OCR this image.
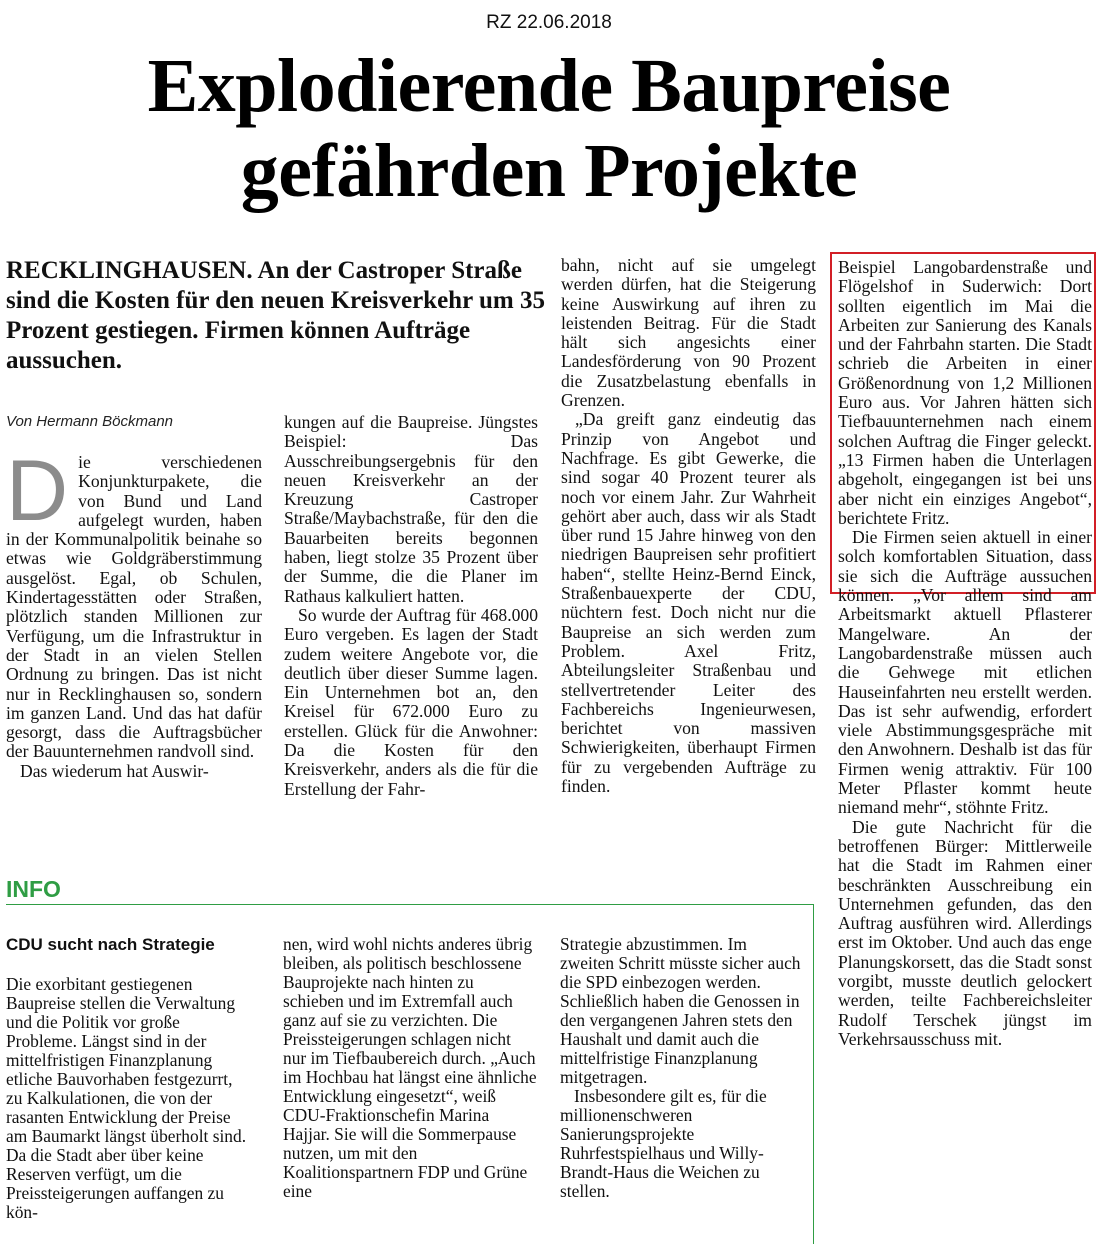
RZ 22.06.2018
Explodierende Baupreise
gefährden Projekte
RECKLINGHAUSEN. An der Castroper Straße sind die Kosten für den neuen Kreisverkehr um 35 Prozent gestiegen. Firmen können Aufträge aussuchen.
Von Hermann Böckmann

Die verschiedenen Konjunkturpakete, die von Bund und Land aufgelegt wurden, haben in der Kommunalpolitik beinahe so etwas wie Goldgräberstimmung ausgelöst. Egal, ob Schulen, Kindertagesstätten oder Straßen, plötzlich standen Millionen zur Verfügung, um die Infrastruktur in der Stadt in an vielen Stellen Ordnung zu bringen. Das ist nicht nur in Recklinghausen so, sondern im ganzen Land. Und das hat dafür gesorgt, dass die Auftragsbücher der Bauunternehmen randvoll sind.

Das wiederum hat Auswir-

kungen auf die Baupreise. Jüngstes Beispiel: Das Ausschreibungsergebnis für den neuen Kreisverkehr an der Kreuzung Castroper Straße/Maybachstraße, für den die Bauarbeiten bereits begonnen haben, liegt stolze 35 Prozent über der Summe, die die Planer im Rathaus kalkuliert hatten.

So wurde der Auftrag für 468.000 Euro vergeben. Es lagen der Stadt zudem weitere Angebote vor, die deutlich über dieser Summe lagen. Ein Unternehmen bot an, den Kreisel für 672.000 Euro zu erstellen. Glück für die Anwohner: Da die Kosten für den Kreisverkehr, anders als die für die Erstellung der Fahr-

bahn, nicht auf sie umgelegt werden dürfen, hat die Steigerung keine Auswirkung auf ihren zu leistenden Beitrag. Für die Stadt hält sich angesichts einer Landesförderung von 90 Prozent die Zusatzbelastung ebenfalls in Grenzen.

„Da greift ganz eindeutig das Prinzip von Angebot und Nachfrage. Es gibt Gewerke, die sind sogar 40 Prozent teurer als noch vor einem Jahr. Zur Wahrheit gehört aber auch, dass wir als Stadt über rund 15 Jahre hinweg von den niedrigen Baupreisen sehr profitiert haben“, stellte Heinz-Bernd Einck, Straßenbauexperte der CDU, nüchtern fest. Doch nicht nur die Baupreise an sich werden zum Problem. Axel Fritz, Abteilungsleiter Straßenbau und stellvertretender Leiter des Fachbereichs Ingenieurwesen, berichtet von massiven Schwierigkeiten, überhaupt Firmen für zu vergebenden Aufträge zu finden.

Beispiel Langobardenstraße und Flögelshof in Suderwich: Dort sollten eigentlich im Mai die Arbeiten zur Sanierung des Kanals und der Fahrbahn starten. Die Stadt schrieb die Arbeiten in einer Größenordnung von 1,2 Millionen Euro aus. Vor Jahren hätten sich Tiefbauunternehmen nach einem solchen Auftrag die Finger geleckt. „13 Firmen haben die Unterlagen abgeholt, eingegangen ist bei uns aber nicht ein einziges Angebot“, berichtete Fritz.

Die Firmen seien aktuell in einer solch komfortablen Situation, dass sie sich die Aufträge aussuchen können. „Vor allem sind am Arbeitsmarkt aktuell Pflasterer Mangelware. An der Langobardenstraße müssen auch die Gehwege mit etlichen Hauseinfahrten neu erstellt werden. Das ist sehr aufwendig, erfordert viele Abstimmungsgespräche mit den Anwohnern. Deshalb ist das für Firmen wenig attraktiv. Für 100 Meter Pflaster kommt heute niemand mehr“, stöhnte Fritz.

Die gute Nachricht für die betroffenen Bürger: Mittlerweile hat die Stadt im Rahmen einer beschränkten Ausschreibung ein Unternehmen gefunden, das den Auftrag ausführen wird. Allerdings erst im Oktober. Und auch das enge Planungskorsett, das die Stadt sonst vorgibt, musste deutlich gelockert werden, teilte Fachbereichsleiter Rudolf Terschek jüngst im Verkehrsausschuss mit.

INFO
CDU sucht nach Strategie

Die exorbitant gestiegenen Baupreise stellen die Verwaltung und die Politik vor große Probleme. Längst sind in der mittelfristigen Finanzplanung etliche Bauvorhaben festgezurrt, zu Kalkulationen, die von der rasanten Entwicklung der Preise am Baumarkt längst überholt sind. Da die Stadt aber über keine Reserven verfügt, um die Preissteigerungen auffangen zu kön-

nen, wird wohl nichts anderes übrig bleiben, als politisch beschlossene Bauprojekte nach hinten zu schieben und im Extremfall auch ganz auf sie zu verzichten. Die Preissteigerungen schlagen nicht nur im Tiefbaubereich durch. „Auch im Hochbau hat längst eine ähnliche Entwicklung eingesetzt“, weiß CDU-Fraktionschefin Marina Hajjar. Sie will die Sommerpause nutzen, um mit den Koalitionspartnern FDP und Grüne eine

Strategie abzustimmen. Im zweiten Schritt müsste sicher auch die SPD einbezogen werden. Schließlich haben die Genossen in den vergangenen Jahren stets den Haushalt und damit auch die mittelfristige Finanzplanung mitgetragen.

Insbesondere gilt es, für die millionenschweren Sanierungsprojekte Ruhrfestspielhaus und Willy-Brandt-Haus die Weichen zu stellen.
